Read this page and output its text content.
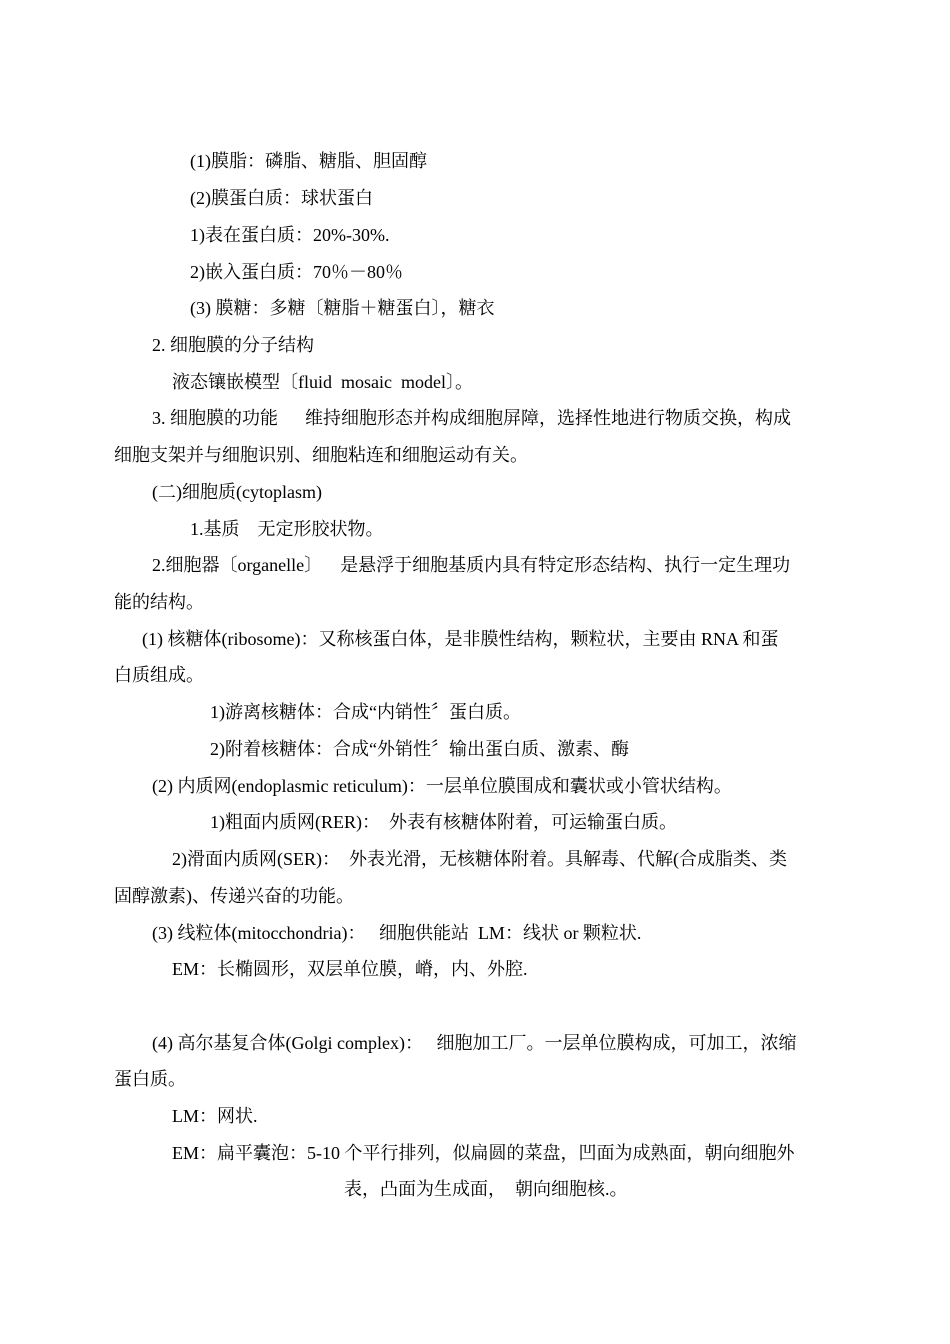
(1)膜脂：磷脂、糖脂、胆固醇

(2)膜蛋白质：球状蛋白

1)表在蛋白质：20%-30%.

2)嵌入蛋白质：70％－80％

(3) 膜糖：多糖〔糖脂＋糖蛋白〕，糖衣

2. 细胞膜的分子结构

液态镶嵌模型〔fluid  mosaic  model〕。

3. 细胞膜的功能      维持细胞形态并构成细胞屏障，选择性地进行物质交换，构成

细胞支架并与细胞识别、细胞粘连和细胞运动有关。

(二)细胞质(cytoplasm)

1.基质    无定形胶状物。

2.细胞器〔organelle〕    是悬浮于细胞基质内具有特定形态结构、执行一定生理功

能的结构。

(1) 核糖体(ribosome)：又称核蛋白体，是非膜性结构，颗粒状，主要由 RNA 和蛋

白质组成。

1)游离核糖体：合成“内销性〞蛋白质。

2)附着核糖体：合成“外销性〞输出蛋白质、激素、酶

(2) 内质网(endoplasmic reticulum)：一层单位膜围成和囊状或小管状结构。

1)粗面内质网(RER)：  外表有核糖体附着，可运输蛋白质。

2)滑面内质网(SER)：  外表光滑，无核糖体附着。具解毒、代解(合成脂类、类

固醇激素)、传递兴奋的功能。

(3) 线粒体(mitocchondria)：   细胞供能站  LM：线状 or 颗粒状.

EM：长椭圆形，双层单位膜，嵴，内、外腔.

(4) 高尔基复合体(Golgi complex)：   细胞加工厂。一层单位膜构成，可加工，浓缩

蛋白质。

LM：网状.

EM：扁平囊泡：5-10 个平行排列，似扁圆的菜盘，凹面为成熟面，朝向细胞外

表，凸面为生成面，  朝向细胞核.。
